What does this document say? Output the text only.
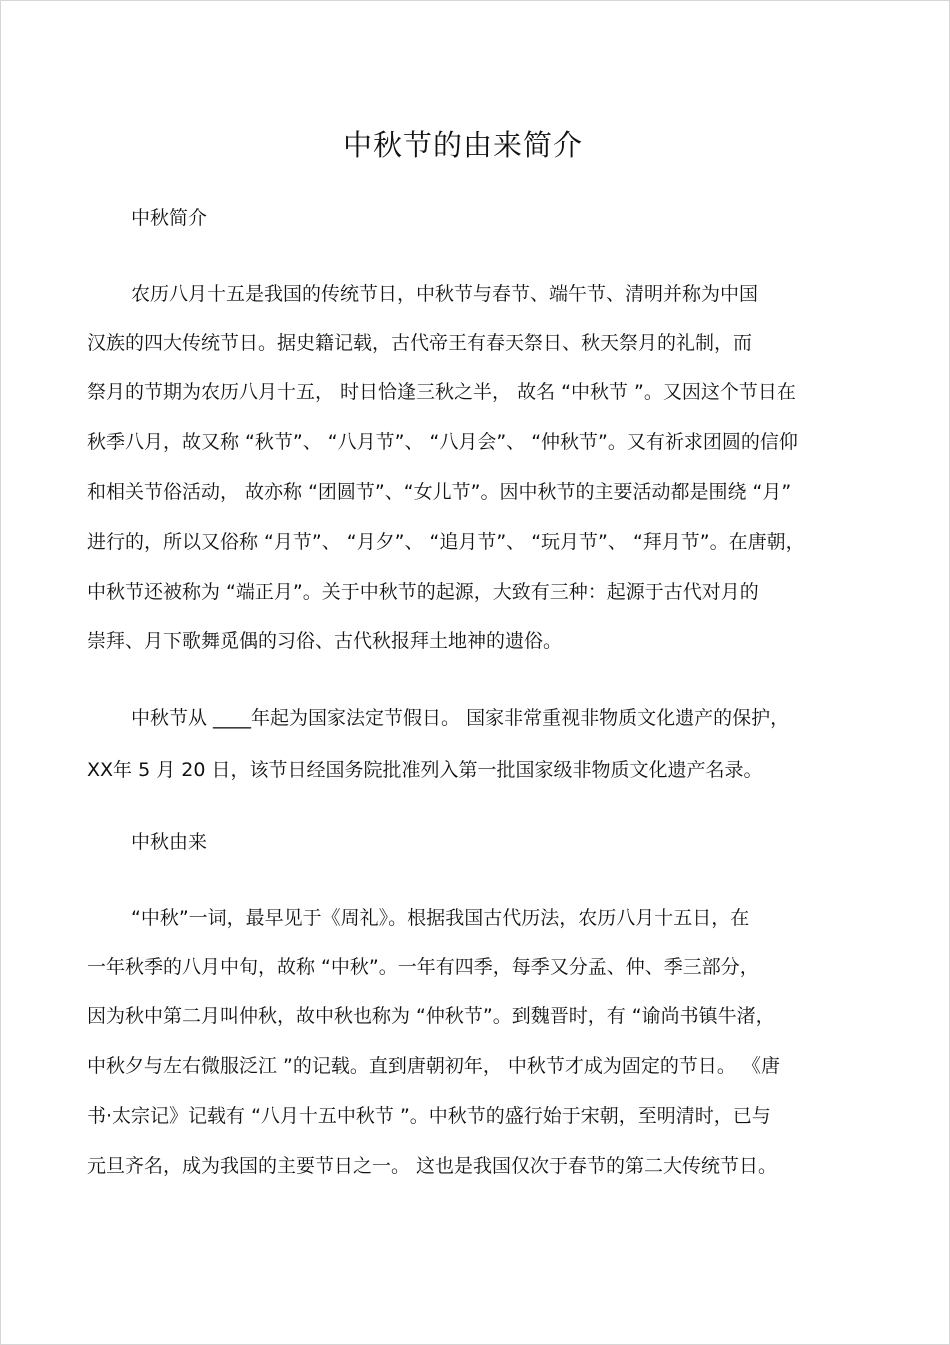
中秋节的由来简介
中秋简介
农历八月十五是我国的传统节日，中秋节与春节、端午节、清明并称为中国
汉族的四大传统节日。据史籍记载，古代帝王有春天祭日、秋天祭月的礼制，而
祭月的节期为农历八月十五， 时日恰逢三秋之半， 故名 “中秋节 ”。又因这个节日在
秋季八月，故又称 “秋节”、 “八月节”、 “八月会”、 “仲秋节”。又有祈求团圆的信仰
和相关节俗活动， 故亦称 “团圆节”、“女儿节”。因中秋节的主要活动都是围绕 “月”
进行的，所以又俗称 “月节”、 “月夕”、 “追月节”、 “玩月节”、 “拜月节”。在唐朝，
中秋节还被称为 “端正月”。关于中秋节的起源，大致有三种：起源于古代对月的
崇拜、月下歌舞觅偶的习俗、古代秋报拜土地神的遗俗。
中秋节从 ____年起为国家法定节假日。 国家非常重视非物质文化遗产的保护，
XX年 5 月 20 日，该节日经国务院批准列入第一批国家级非物质文化遗产名录。
中秋由来
“中秋”一词，最早见于《周礼》。根据我国古代历法，农历八月十五日，在
一年秋季的八月中旬，故称 “中秋”。一年有四季，每季又分孟、仲、季三部分，
因为秋中第二月叫仲秋，故中秋也称为 “仲秋节”。到魏晋时，有 “谕尚书镇牛渚，
中秋夕与左右微服泛江 ”的记载。直到唐朝初年， 中秋节才成为固定的节日。 《唐
书·太宗记》记载有 “八月十五中秋节 ”。中秋节的盛行始于宋朝，至明清时，已与
元旦齐名，成为我国的主要节日之一。 这也是我国仅次于春节的第二大传统节日。
